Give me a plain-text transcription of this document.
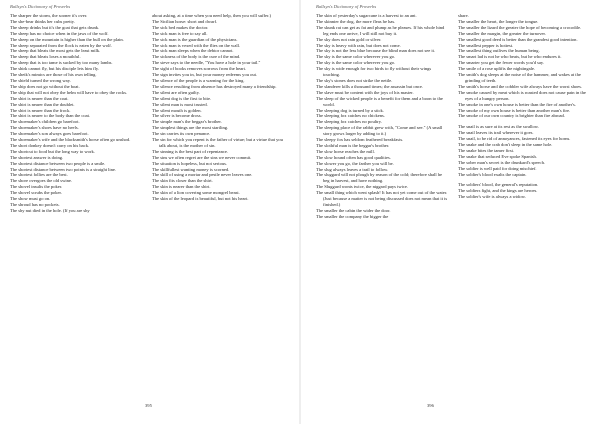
Ballsyn's Dictionary of Proverbs

The sharper the storm, the sooner it's over.

The she-bear thinks her cubs pretty.

The sheep drinks but it's the goat that gets drunk.

The sheep has no choice when in the jaws of the wolf.

The sheep on the mountain is higher than the bull on the plain.

The sheep separated from the flock is eaten by the wolf.

The sheep that bleats the most gets the least milk.

The sheep that bleats loses a mouthful.

The sheep that is too tame is sucked by too many lambs.

The shirk cannot fly, but his disciple lets him fly.

The sheik's mimics are those of his own telling.

The shield turned the wrong way.

The ship does not go without the boat.

The ship that will not obey the helm will have to obey the rocks.

The shirt is nearer than the coat.

The shirt is nearer than the doublet.

The shirt is nearer than the frock.

The shirt is nearer to the body than the coat.

The shoemaker's children go barefoot.

The shoemaker's shoes have no heels.

The shoemaker's son always goes barefoot.

The shoemaker's wife and the blacksmith's horse often go unshod.

The short donkey doesn't carry on his back.

The shortcut to food but the long way to work.

The shortest answer is doing.

The shortest distance between two people is a smile.

The shortest distance between two points is a straight line.

The shortest follies are the best.

The shore overgoes the old swine.

The shovel insults the poker.

The shovel scrubs the poker.

The show must go on.

The shroud has no pockets.

The shy nut died in the hole. (If you are shy

about asking, at a time when you need help, then you will suffer.)

The Sicilian horse: short and dwarf.

The sick bed makes the doctor.

The sick man is free to say all.

The sick man is the guardian of the physicians.

The sick man is vexed with the flies on the wall.

The sick man sleeps when the debtor cannot.

The sickness of the body is the cure of the mind.

The sieve says to the needle, "You have a hole in your tail."

The sight of books removes sorrows from the heart.

The sign invites you in, but your money redeems you out.

The silence of the people is a warning for the king.

The silence resulting from absence has destroyed many a friendship.

The silent are often guilty.

The silent dog is the first to bite.

The silent man is most trusted.

The silent mouth is golden.

The silver is become dross.

The simple man's the beggar's brother.

The simplest things are the most startling.

The sin carries its own penance.

The sin for which you repent is the father of virtue; but a virtue that you talk about, is the mother of sin.

The sinning is the best part of repentance.

The sins we often regret are the sins we never commit.

The situation is hopeless, but not serious.

The skillfullest wanting money is scorned.

The skill of using a mortar and pestle never leaves one.

The skin fits closer than the shirt.

The skin is nearer than the shirt.

The skin of a lion covering some mongrel beast.

The skin of the leopard is beautiful, but not his heart.

395
Ballsyn's Dictionary of Proverbs

The skin of yesterday's sugarcane is a harvest to an ant.

The skinnier the dog, the more fleas he has.

The skunk rat can get as fat and plump as he pleases. If his whole hind leg ends one arrive, I will still not buy it.

The sky does not rain gold or silver.

The sky is heavy with rain, but does not come.

The sky is not the less blue because the blind man does not see it.

The sky is the same color wherever you go.

The sky is the same color wherever you go.

The sky is wide enough for two birds to fly without their wings touching.

The sky's stones does not strike the nettle.

The slanderer kills a thousand times; the assassin but once.

The slave must be content with the joys of his master.

The sleep of the wicked people is a benefit for them and a boon to the world.

The sleeping dog is turned by a stick.

The sleeping fox catches no chickens.

The sleeping fox catches no poultry.

The sleeping place of the rabbit grew with, "Come and see." (A small story grows larger by adding to it.)

The sleepy fox has seldom feathered breakfasts.

The slothful man is the beggar's brother.

The slow horse reaches the mill.

The slow hound often has good qualities.

The slower you go, the farther you will be.

The slug always leaves a trail to follow.

The sluggard will not plough by reason of the cold; therefore shall he beg in harvest, and have nothing.

The Sluggard wonts twice, the niggard pays twice.

The small thing which went splash! It has not yet come out of the water. (Just because a matter is not being discussed does not mean that it is finished.)

The smaller the cabin the wider the door.

The smaller the company the bigger the

share.

The smaller the heart, the longer the tongue.

The smaller the lizard the greater the hope of becoming a crocodile.

The smaller the margin, the greater the turnover.

The smallest good deed is better than the grandest good intention.

The smallest pepper is hottest.

The smallest thing outlives the human being.

The smart lad is not he who beats, but he who endures it.

The smarter you get the fewer words you'd say.

The smile of a rose uplifts the nightingale.

The smith's dog sleeps at the noise of the hammer, and wakes at the grinding of teeth.

The smith's horse and the cobbler wife always have the worst shoes.

The smoke caused by meat which is roasted does not cause pain in the eyes of a hungry person.

The smoke in one's own house is better than the fire of another's.

The smoke of my own house is better than another man's fire.

The smoke of our own country is brighter than fire abroad.

The snail is as sure at its rest as the swallow.

The snail leaves its trail wherever it goes.

The snail, to be rid of annoyances, fastened its eyes for horns.

The snake and the crab don't sleep in the same hole.

The snake bites the tamer first.

The snake that seduced Eve spoke Spanish.

The sober man's secret is the drunkard's speech.

The soldier is well paid for doing mischief.

The soldier's blood exalts the captain.

The soldiers' blood, the general's reputation.

The soldiers fight, and the kings are heroes.

The soldier's wife is always a widow.

396
